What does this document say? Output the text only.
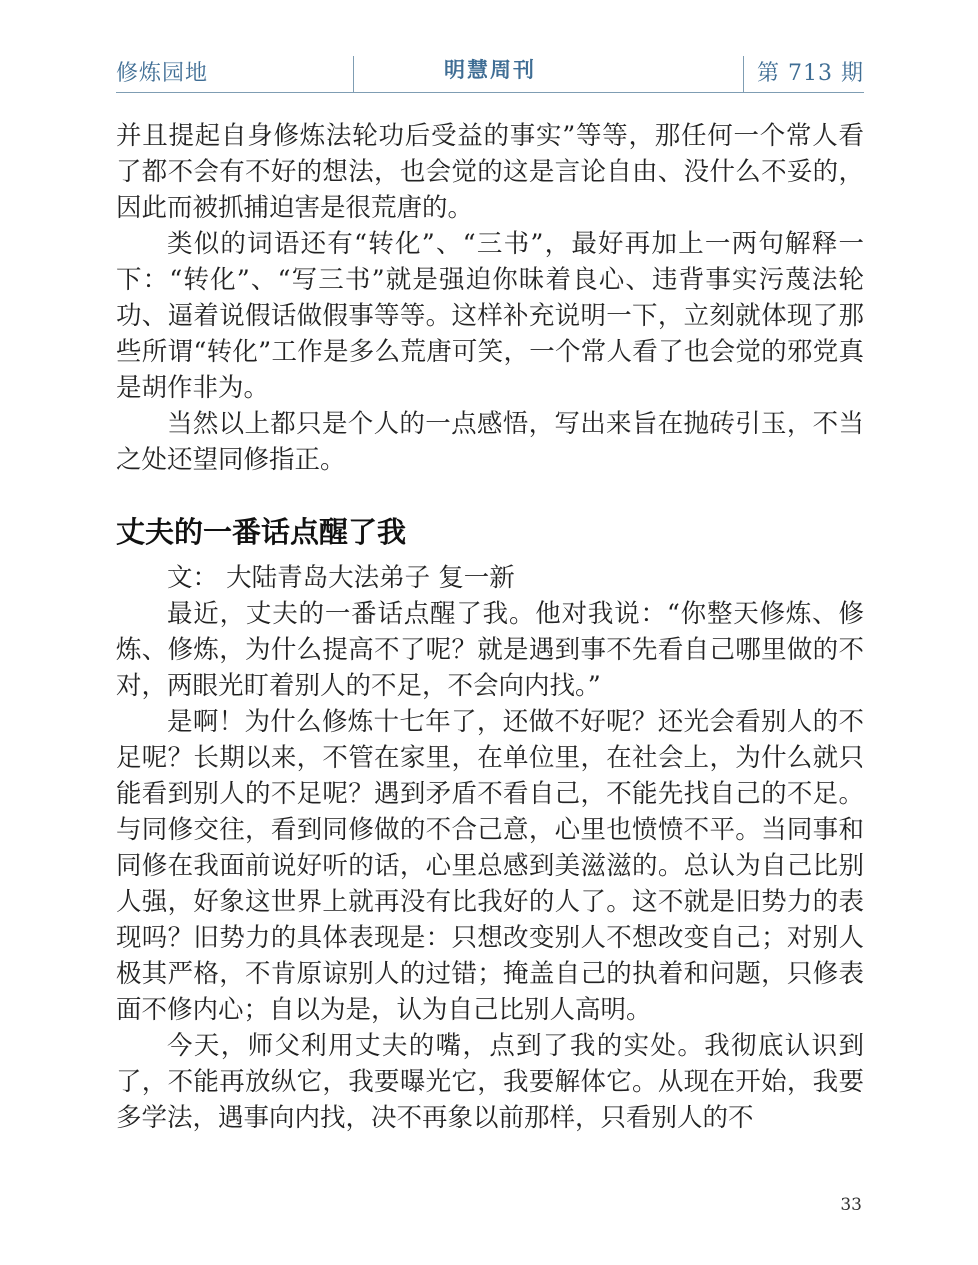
修炼园地	明慧周刊	第 713 期

并且提起自身修炼法轮功后受益的事实”等等，那任何一个常人看了都不会有不好的想法，也会觉的这是言论自由、没什么不妥的，因此而被抓捕迫害是很荒唐的。

类似的词语还有“转化”、“三书”，最好再加上一两句解释一下：“转化”、“写三书”就是强迫你昧着良心、违背事实污蔑法轮功、逼着说假话做假事等等。这样补充说明一下，立刻就体现了那些所谓“转化”工作是多么荒唐可笑，一个常人看了也会觉的邪党真是胡作非为。

当然以上都只是个人的一点感悟，写出来旨在抛砖引玉，不当之处还望同修指正。

丈夫的一番话点醒了我

文： 大陆青岛大法弟子 复一新

最近，丈夫的一番话点醒了我。他对我说：“你整天修炼、修炼、修炼，为什么提高不了呢？就是遇到事不先看自己哪里做的不对，两眼光盯着别人的不足，不会向内找。”

是啊！为什么修炼十七年了，还做不好呢？还光会看别人的不足呢？长期以来，不管在家里，在单位里，在社会上，为什么就只能看到别人的不足呢？遇到矛盾不看自己，不能先找自己的不足。与同修交往，看到同修做的不合己意，心里也愤愤不平。当同事和同修在我面前说好听的话，心里总感到美滋滋的。总认为自己比别人强，好象这世界上就再没有比我好的人了。这不就是旧势力的表现吗？旧势力的具体表现是：只想改变别人不想改变自己；对别人极其严格，不肯原谅别人的过错；掩盖自己的执着和问题，只修表面不修内心；自以为是，认为自己比别人高明。

今天，师父利用丈夫的嘴，点到了我的实处。我彻底认识到了，不能再放纵它，我要曝光它，我要解体它。从现在开始，我要多学法，遇事向内找，决不再象以前那样，只看别人的不

33
